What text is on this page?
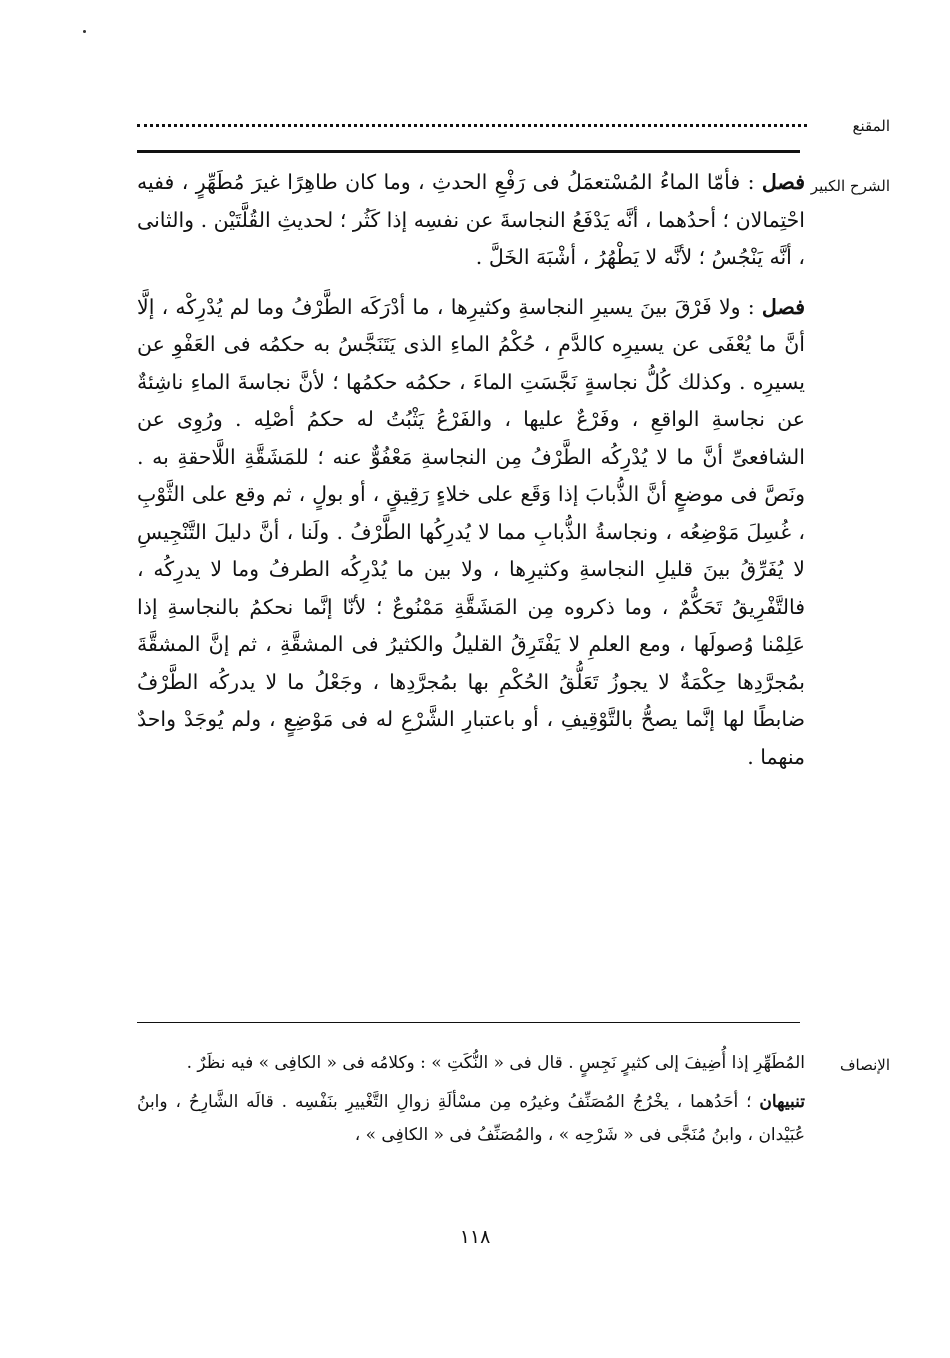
المقنع
الشرح الكبير

فصل : فأمّا الماءُ المُسْتعمَلُ فى رَفْعِ الحدثِ ، وما كان طاهِرًا غيرَ مُطَهِّرٍ ، ففيه احْتِمالان ؛ أحدُهما ، أنَّه يَدْفَعُ النجاسةَ عن نفسِه إذا كَثُر ؛ لحديثِ القُلَّتَيْن . والثانى ، أنَّه يَنْجُسُ ؛ لأنَّه لا يَطْهُرُ ، أشْبَهَ الخَلَّ .

فصل : ولا فَرْقَ بينَ يسيرِ النجاسةِ وكثيرِها ، ما أدْرَكَه الطَّرْفُ وما لم يُدْرِكْه ، إلَّا أنَّ ما يُعْفَى عن يسيرِه كالدَّمِ ، حُكْمُ الماءِ الذى يَتَنَجَّسُ به حكمُه فى العَفْوِ عن يسيرِه . وكذلك كُلُّ نجاسةٍ نَجَّسَتِ الماءَ ، حكمُه حكمُها ؛ لأنَّ نجاسةَ الماءِ ناشِئةٌ عن نجاسةِ الواقعِ ، وفَرْعٌ عليها ، والفَرْعُ يَثْبُتُ له حكمُ أصْلِه . ورُوِى عن الشافعىِّ أنَّ ما لا يُدْرِكُه الطَّرْفُ مِن النجاسةِ مَعْفُوٌّ عنه ؛ للمَشَقَّةِ اللَّاحقةِ به . ونَصَّ فى موضعٍ أنَّ الذُّبابَ إذا وَقَع على خلاءٍ رَقِيقٍ ، أو بولٍ ، ثم وقع على الثَّوْبِ ، غُسِلَ مَوْضِعُه ، ونجاسةُ الذُّبابِ مما لا يُدرِكُها الطَّرْفُ . ولَنا ، أنَّ دليلَ التَّنْجِيسِ لا يُفَرِّقُ بينَ قليلِ النجاسةِ وكثيرِها ، ولا بين ما يُدْرِكُه الطرفُ وما لا يدرِكُه ، فالتَّفْرِيقُ تَحَكُّمٌ ، وما ذكروه مِن المَشَقَّةِ مَمْنُوعٌ ؛ لأنّا إنَّما نحكمُ بالنجاسةِ إذا عَلِمْنا وُصولَها ، ومع العلمِ لا يَفْتَرِقُ القليلُ والكثيرُ فى المشقَّةِ ، ثم إنَّ المشقَّةَ بمُجرَّدِها حِكْمَةٌ لا يجوزُ تَعَلُّقُ الحُكْمِ بها بمُجرَّدِها ، وجَعْلُ ما لا يدركُه الطَّرْفُ ضابطًا لها إنَّما يصحُّ بالتَّوْقِيفِ ، أو باعتبارِ الشَّرْعِ له فى مَوْضِعٍ ، ولم يُوجَدْ واحدٌ منهما .

الإنصاف

المُطَهِّرِ إذا أُضِيفَ إلى كثيرٍ نَجِسٍ . قال فى « النُّكَتِ » : وكلامُه فى « الكافِى » فيه نظَرٌ .

تنبيهان ؛ أحَدُهما ، يخْرُجُ المُصَنِّفُ وغيرُه مِن مسْألَةِ زوالِ التَّغْييرِ بنَفْسِه . قالَه الشَّارِحُ ، وابنُ عُبَيْدان ، وابنُ مُنَجَّى فى « شَرْحِه » ، والمُصَنِّفُ فى « الكافِى » ،

١١٨
